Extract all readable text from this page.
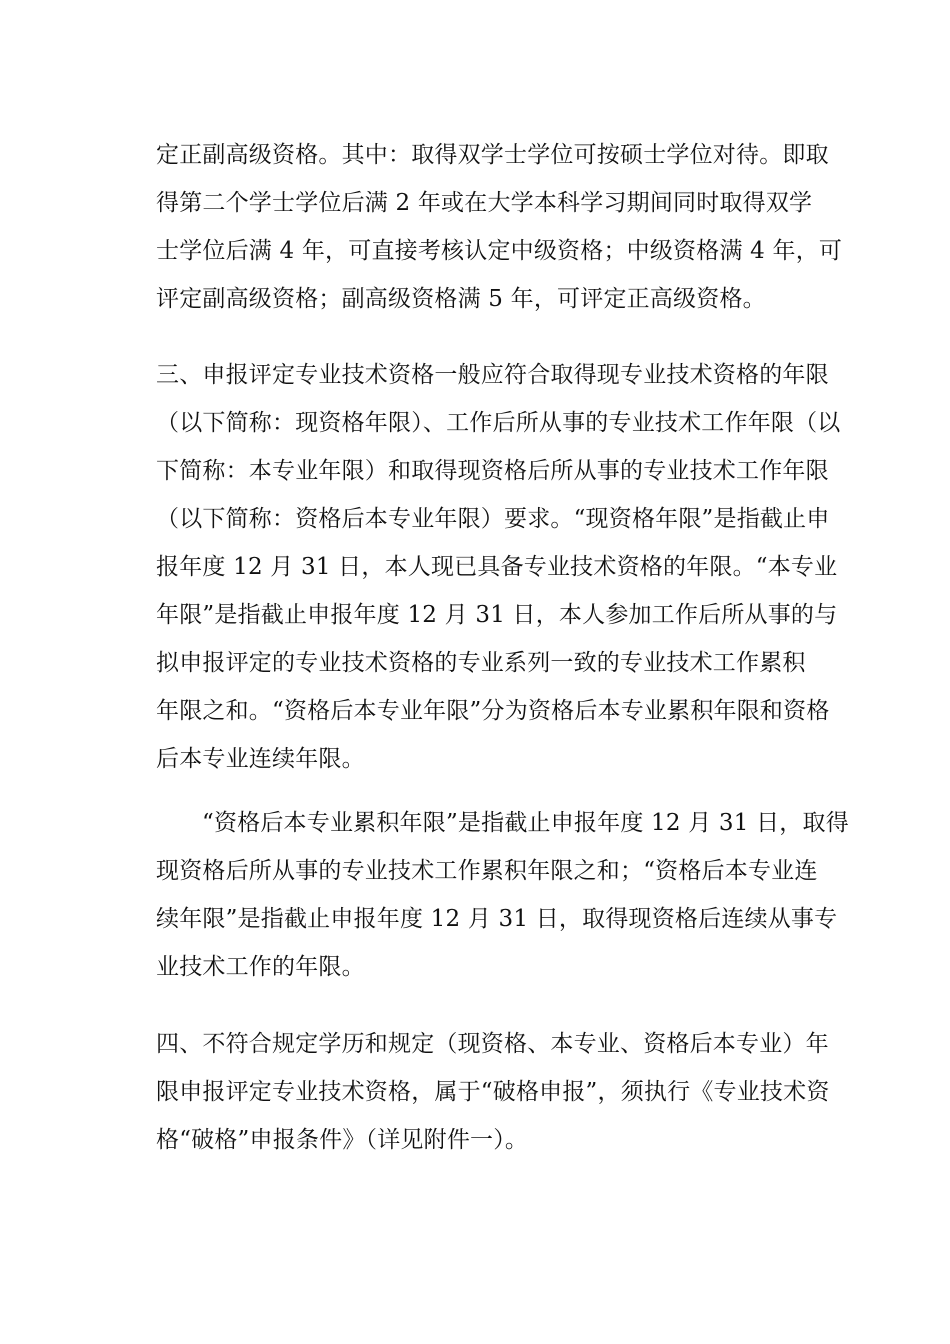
定正副高级资格。其中：取得双学士学位可按硕士学位对待。即取
得第二个学士学位后满 2 年或在大学本科学习期间同时取得双学
士学位后满 4 年，可直接考核认定中级资格；中级资格满 4 年，可
评定副高级资格；副高级资格满 5 年，可评定正高级资格。
三、申报评定专业技术资格一般应符合取得现专业技术资格的年限
（以下简称：现资格年限）、工作后所从事的专业技术工作年限（以
下简称：本专业年限）和取得现资格后所从事的专业技术工作年限
（以下简称：资格后本专业年限）要求。“现资格年限”是指截止申
报年度 12 月 31 日，本人现已具备专业技术资格的年限。“本专业
年限”是指截止申报年度 12 月 31 日，本人参加工作后所从事的与
拟申报评定的专业技术资格的专业系列一致的专业技术工作累积
年限之和。“资格后本专业年限”分为资格后本专业累积年限和资格
后本专业连续年限。
“资格后本专业累积年限”是指截止申报年度 12 月 31 日，取得
现资格后所从事的专业技术工作累积年限之和；“资格后本专业连
续年限”是指截止申报年度 12 月 31 日，取得现资格后连续从事专
业技术工作的年限。
四、不符合规定学历和规定（现资格、本专业、资格后本专业）年
限申报评定专业技术资格，属于“破格申报”，须执行《专业技术资
格“破格”申报条件》（详见附件一）。
